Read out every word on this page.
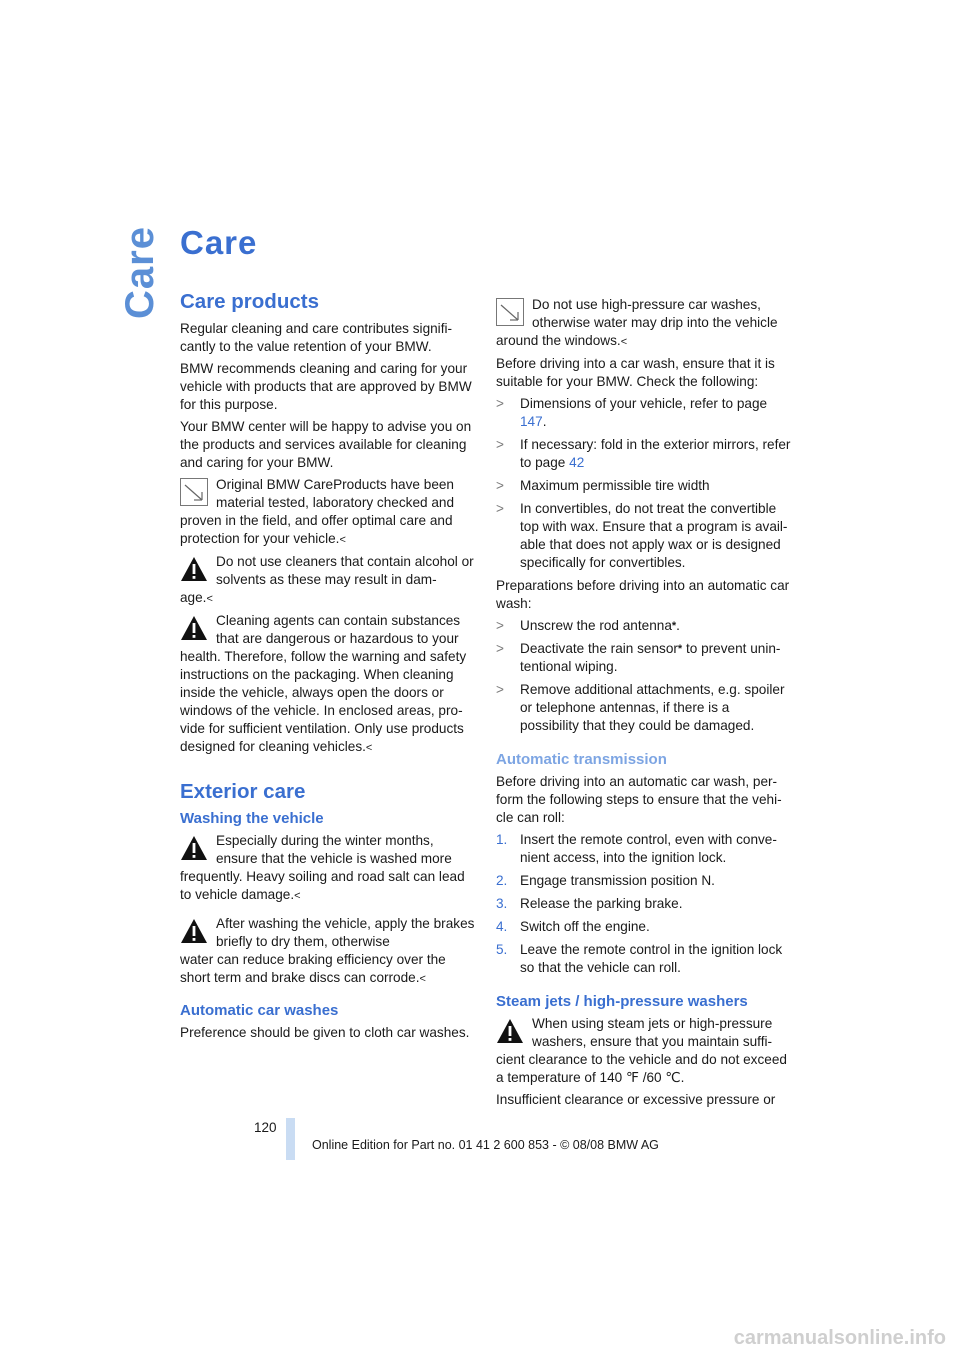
Care Care
Care products

Regular cleaning and care contributes signifi-cantly to the value retention of your BMW.

BMW recommends cleaning and caring for your vehicle with products that are approved by BMW for this purpose.

Your BMW center will be happy to advise you on the products and services available for cleaning and caring for your BMW.

Original BMW CareProducts have been material tested, laboratory checked and
proven in the field, and offer optimal care and protection for your vehicle.<
Do not use cleaners that contain alcohol or solvents as these may result in dam-
age.<
Cleaning agents can contain substances that are dangerous or hazardous to your
health. Therefore, follow the warning and safety instructions on the packaging. When cleaning inside the vehicle, always open the doors or windows of the vehicle. In enclosed areas, pro-vide for sufficient ventilation. Only use products designed for cleaning vehicles.<
Exterior care
Washing the vehicle
Especially during the winter months, ensure that the vehicle is washed more
frequently. Heavy soiling and road salt can lead to vehicle damage.<
After washing the vehicle, apply the brakes briefly to dry them, otherwise
water can reduce braking efficiency over the short term and brake discs can corrode.<
Automatic car washes

Preference should be given to cloth car washes.

Do not use high-pressure car washes, otherwise water may drip into the vehicle
around the windows.<

Before driving into a car wash, ensure that it is suitable for your BMW. Check the following:

> Dimensions of your vehicle, refer to page 147.
> If necessary: fold in the exterior mirrors, refer to page 42
> Maximum permissible tire width
> In convertibles, do not treat the convertible top with wax. Ensure that a program is avail-able that does not apply wax or is designed specifically for convertibles.

Preparations before driving into an automatic car wash:

> Unscrew the rod antenna*.
> Deactivate the rain sensor* to prevent unin-tentional wiping.
> Remove additional attachments, e.g. spoiler or telephone antennas, if there is a possibility that they could be damaged.
Automatic transmission

Before driving into an automatic car wash, per-form the following steps to ensure that the vehi-cle can roll:

1. Insert the remote control, even with conve-nient access, into the ignition lock.
2. Engage transmission position N.
3. Release the parking brake.
4. Switch off the engine.
5. Leave the remote control in the ignition lock so that the vehicle can roll.
Steam jets / high-pressure washers
When using steam jets or high-pressure washers, ensure that you maintain suffi-
cient clearance to the vehicle and do not exceed a temperature of 140 ℉ /60 ℃.

Insufficient clearance or excessive pressure or

120
Online Edition for Part no. 01 41 2 600 853 - © 08/08 BMW AG
carmanualsonline.info
